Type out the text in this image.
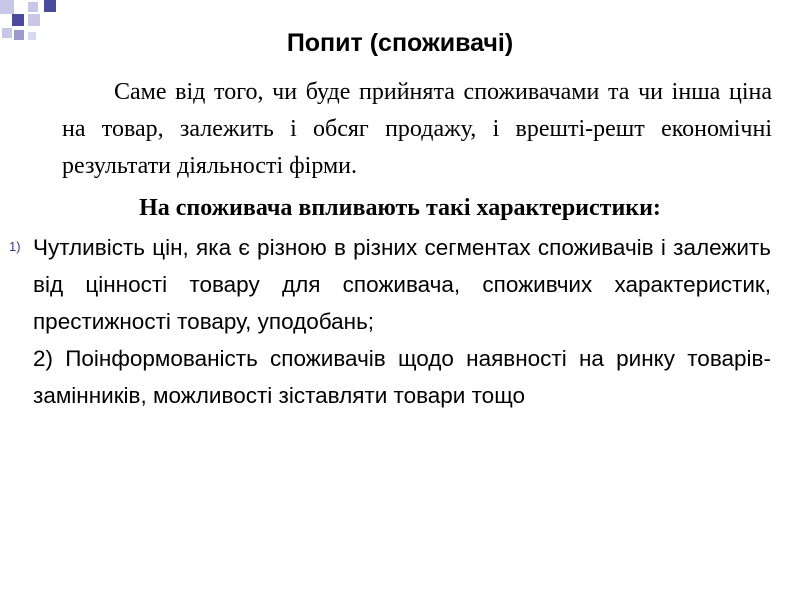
Попит (споживачі)
Саме від того, чи буде прийнята споживачами та чи інша ціна на товар, залежить і обсяг продажу, і врешті-решт економічні результати діяльності фірми.
На споживача впливають такі характеристики:

1) Чутливість цін, яка є різною в різних сегментах споживачів і залежить від цінності товару для споживача, споживчих характеристик, престижності товару, уподобань;

2) Поінформованість споживачів щодо наявності на ринку товарів-замінників, можливості зіставляти товари тощо
